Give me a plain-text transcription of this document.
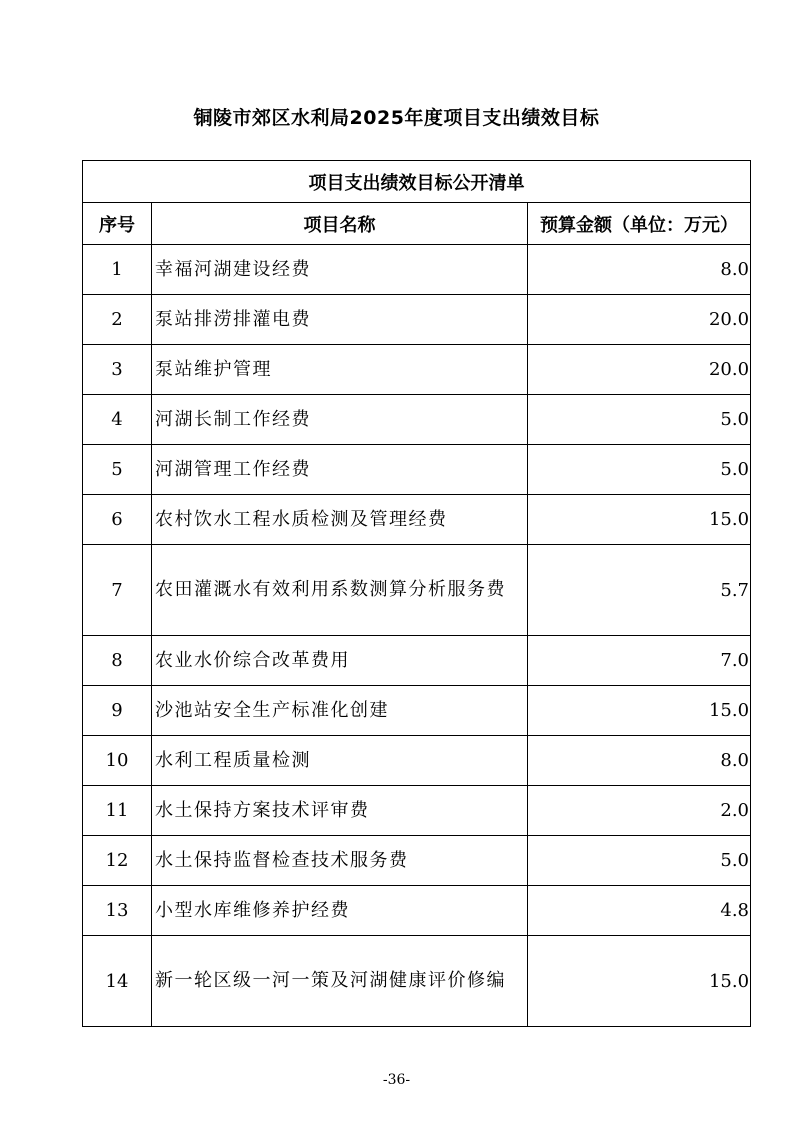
铜陵市郊区水利局2025年度项目支出绩效目标
项目支出绩效目标公开清单		
序号	项目名称	预算金额（单位：万元）
1	幸福河湖建设经费	8.0
2	泵站排涝排灌电费	20.0
3	泵站维护管理	20.0
4	河湖长制工作经费	5.0
5	河湖管理工作经费	5.0
6	农村饮水工程水质检测及管理经费	15.0
7	农田灌溉水有效利用系数测算分析服务费	5.7
8	农业水价综合改革费用	7.0
9	沙池站安全生产标准化创建	15.0
10	水利工程质量检测	8.0
11	水土保持方案技术评审费	2.0
12	水土保持监督检查技术服务费	5.0
13	小型水库维修养护经费	4.8
14	新一轮区级一河一策及河湖健康评价修编	15.0
-36-
